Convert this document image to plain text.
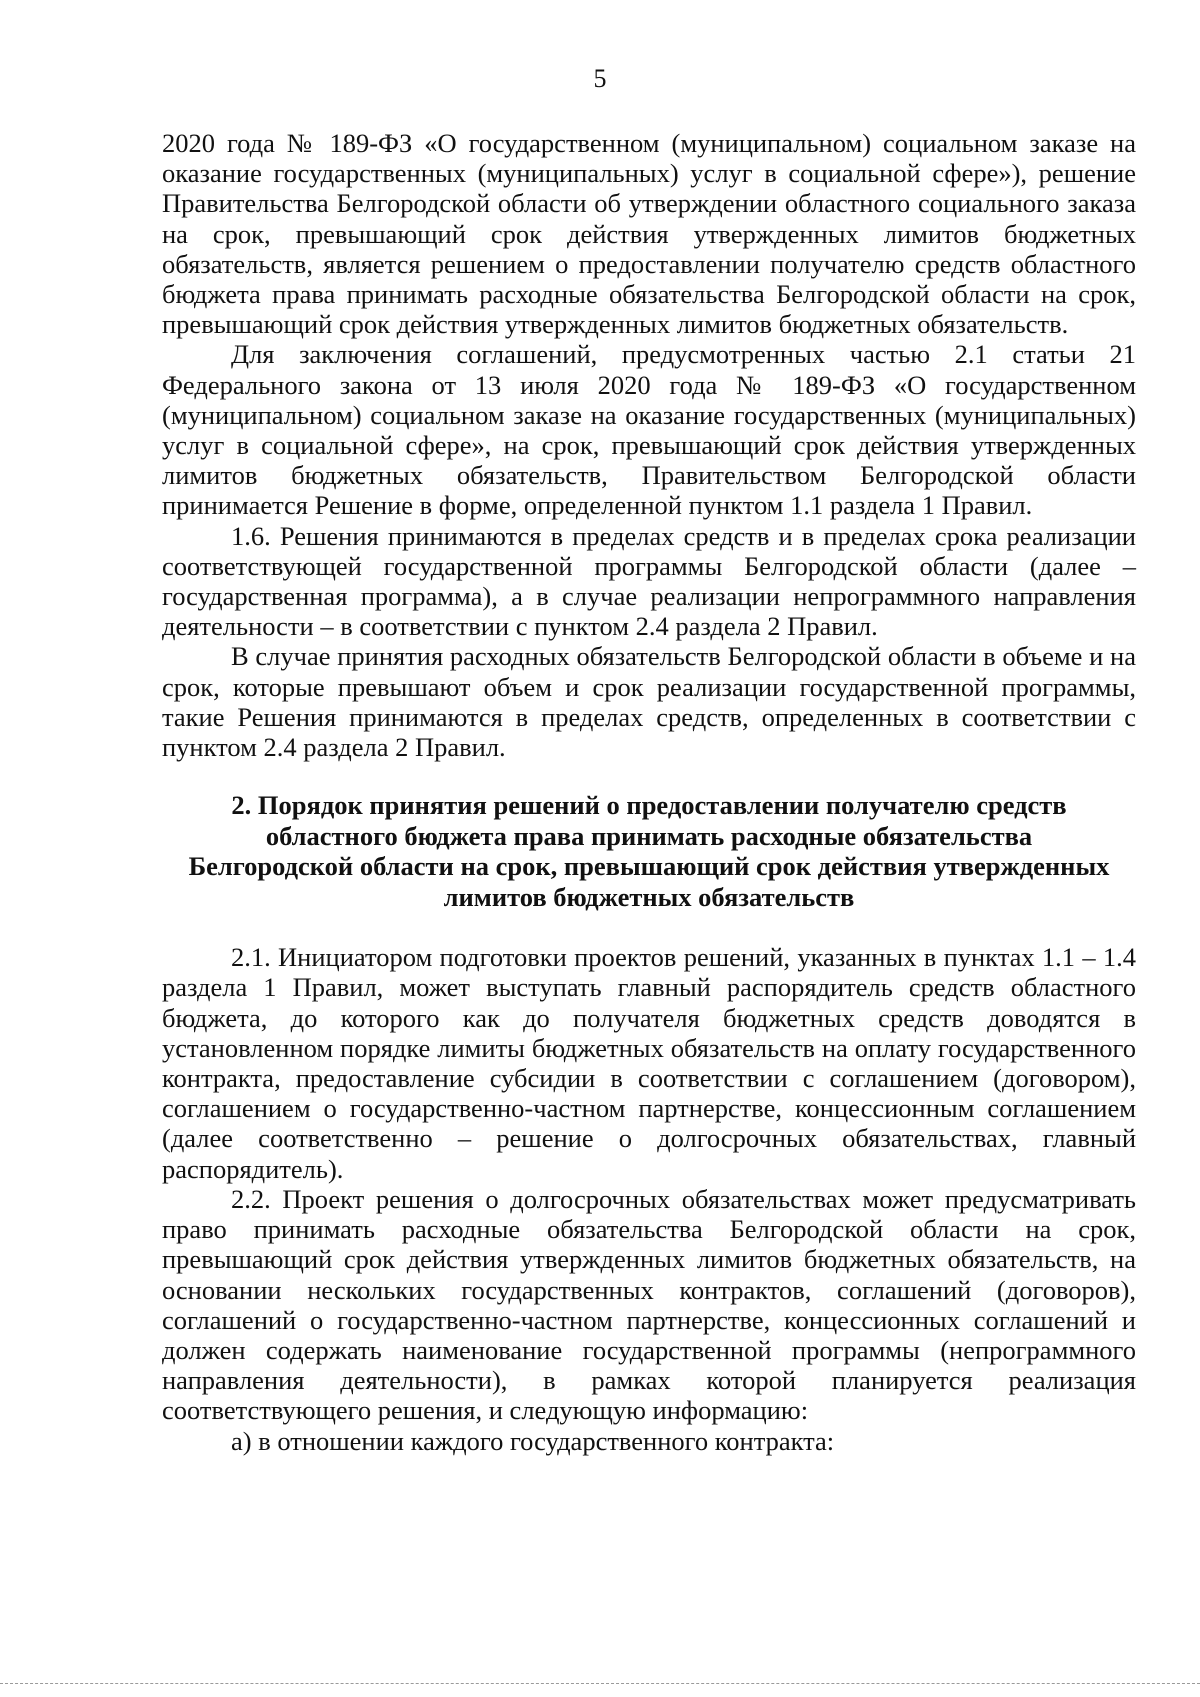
5

2020 года № 189-ФЗ «О государственном (муниципальном) социальном заказе на оказание государственных (муниципальных) услуг в социальной сфере»), решение Правительства Белгородской области об утверждении областного социального заказа на срок, превышающий срок действия утвержденных лимитов бюджетных обязательств, является решением о предоставлении получателю средств областного бюджета права принимать расходные обязательства Белгородской области на срок, превышающий срок действия утвержденных лимитов бюджетных обязательств.

Для заключения соглашений, предусмотренных частью 2.1 статьи 21 Федерального закона от 13 июля 2020 года № 189-ФЗ «О государственном (муниципальном) социальном заказе на оказание государственных (муниципальных) услуг в социальной сфере», на срок, превышающий срок действия утвержденных лимитов бюджетных обязательств, Правительством Белгородской области принимается Решение в форме, определенной пунктом 1.1 раздела 1 Правил.

1.6. Решения принимаются в пределах средств и в пределах срока реализации соответствующей государственной программы Белгородской области (далее – государственная программа), а в случае реализации непрограммного направления деятельности – в соответствии с пунктом 2.4 раздела 2 Правил.

В случае принятия расходных обязательств Белгородской области в объеме и на срок, которые превышают объем и срок реализации государственной программы, такие Решения принимаются в пределах средств, определенных в соответствии с пунктом 2.4 раздела 2 Правил.

2. Порядок принятия решений о предоставлении получателю средств областного бюджета права принимать расходные обязательства Белгородской области на срок, превышающий срок действия утвержденных лимитов бюджетных обязательств

2.1. Инициатором подготовки проектов решений, указанных в пунктах 1.1 – 1.4 раздела 1 Правил, может выступать главный распорядитель средств областного бюджета, до которого как до получателя бюджетных средств доводятся в установленном порядке лимиты бюджетных обязательств на оплату государственного контракта, предоставление субсидии в соответствии с соглашением (договором), соглашением о государственно-частном партнерстве, концессионным соглашением (далее соответственно – решение о долгосрочных обязательствах, главный распорядитель).

2.2. Проект решения о долгосрочных обязательствах может предусматривать право принимать расходные обязательства Белгородской области на срок, превышающий срок действия утвержденных лимитов бюджетных обязательств, на основании нескольких государственных контрактов, соглашений (договоров), соглашений о государственно-частном партнерстве, концессионных соглашений и должен содержать наименование государственной программы (непрограммного направления деятельности), в рамках которой планируется реализация соответствующего решения, и следующую информацию:

а) в отношении каждого государственного контракта:
